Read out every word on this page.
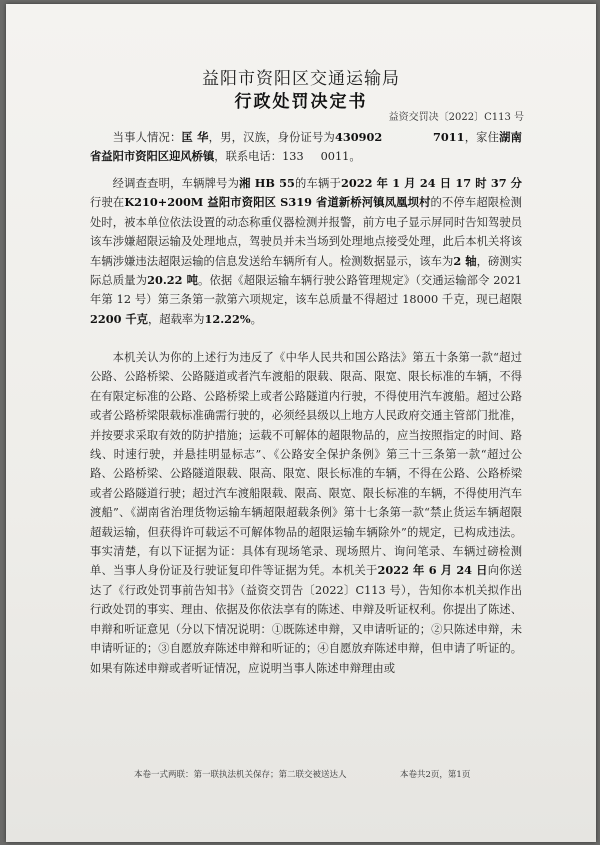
益阳市资阳区交通运输局
行政处罚决定书
益资交罚决〔2022〕C113 号

当事人情况：匡 华，男，汉族，身份证号为430902     	7011，家住湖南省益阳市资阳区迎风桥镇，联系电话：133   0011。

经调查查明，车辆牌号为湘 HB 55的车辆于2022 年 1 月 24 日 17 时 37 分行驶在K210+200M 益阳市资阳区 S319 省道新桥河镇凤凰坝村的不停车超限检测处时，被本单位依法设置的动态称重仪器检测并报警，前方电子显示屏同时告知驾驶员该车涉嫌超限运输及处理地点，驾驶员并未当场到处理地点接受处理，此后本机关将该车辆涉嫌违法超限运输的信息发送给车辆所有人。检测数据显示，该车为2 轴，磅测实际总质量为20.22 吨。依据《超限运输车辆行驶公路管理规定》（交通运输部令 2021 年第 12 号）第三条第一款第六项规定，该车总质量不得超过 18000 千克，现已超限2200 千克，超载率为12.22%。

本机关认为你的上述行为违反了《中华人民共和国公路法》第五十条第一款“超过公路、公路桥梁、公路隧道或者汽车渡船的限载、限高、限宽、限长标准的车辆，不得在有限定标准的公路、公路桥梁上或者公路隧道内行驶，不得使用汽车渡船。超过公路或者公路桥梁限载标准确需行驶的，必须经县级以上地方人民政府交通主管部门批准，并按要求采取有效的防护措施；运载不可解体的超限物品的，应当按照指定的时间、路线、时速行驶，并悬挂明显标志”、《公路安全保护条例》第三十三条第一款“超过公路、公路桥梁、公路隧道限载、限高、限宽、限长标准的车辆，不得在公路、公路桥梁或者公路隧道行驶；超过汽车渡船限载、限高、限宽、限长标准的车辆，不得使用汽车渡船”、《湖南省治理货物运输车辆超限超载条例》第十七条第一款“禁止货运车辆超限超载运输，但获得许可载运不可解体物品的超限运输车辆除外”的规定，已构成违法。事实清楚，有以下证据为证：具体有现场笔录、现场照片、询问笔录、车辆过磅检测单、当事人身份证及行驶证复印件等证据为凭。本机关于2022 年 6 月 24 日向你送达了《行政处罚事前告知书》（益资交罚告〔2022〕C113 号），告知你本机关拟作出行政处罚的事实、理由、依据及你依法享有的陈述、申辩及听证权利。你提出了陈述、申辩和听证意见（分以下情况说明：①既陈述申辩，又申请听证的；②只陈述申辩，未申请听证的；③自愿放弃陈述申辩和听证的；④自愿放弃陈述申辩，但申请了听证的。如果有陈述申辩或者听证情况，应说明当事人陈述申辩理由或

本卷一式两联：第一联执法机关保存；第二联交被送达人	本卷共2页，第1页
